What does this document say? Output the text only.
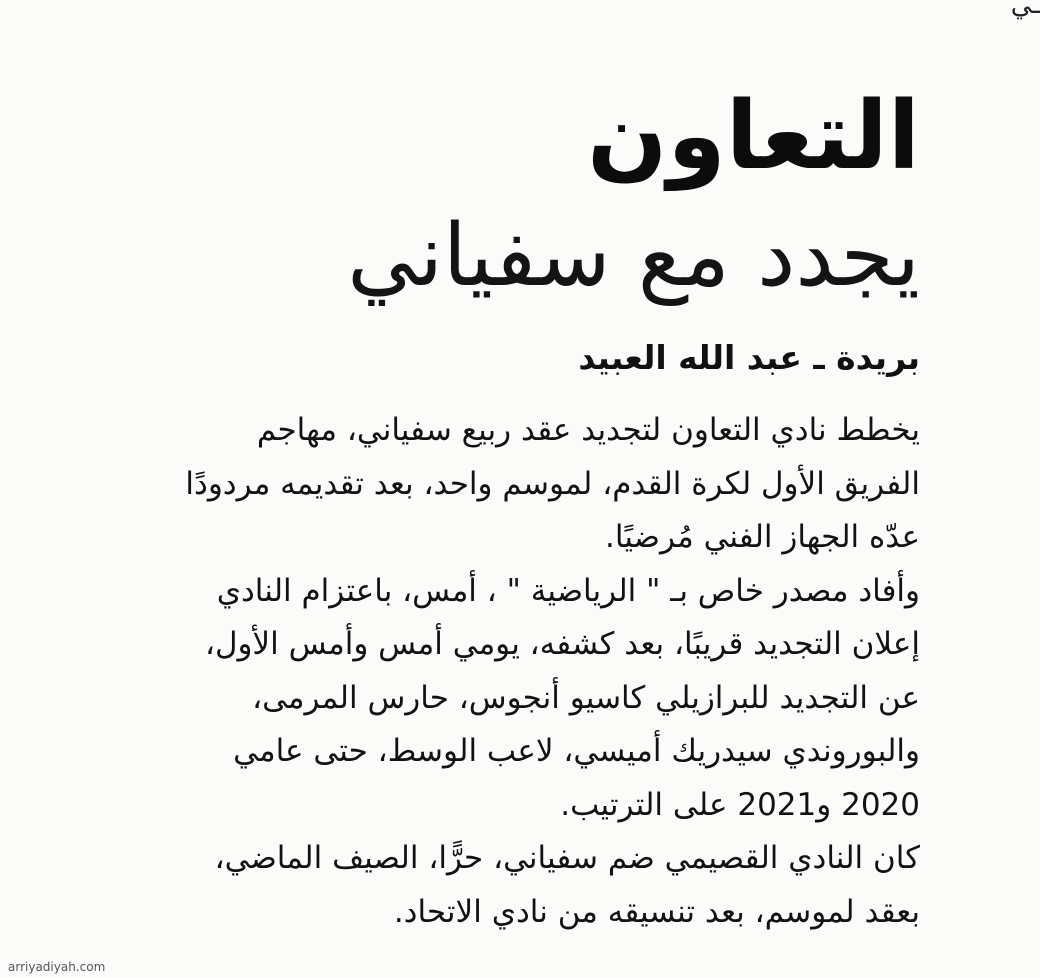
ـي
التعاون
يجدد مع سفياني
بريدة ـ عبد الله العبيد
يخطط نادي التعاون لتجديد عقد ربيع سفياني، مهاجم
الفريق الأول لكرة القدم، لموسم واحد، بعد تقديمه مردودًا
عدّه الجهاز الفني مُرضيًا.
وأفاد مصدر خاص بـ " الرياضية " ، أمس، باعتزام النادي
إعلان التجديد قريبًا، بعد كشفه، يومي أمس وأمس الأول،
عن التجديد للبرازيلي كاسيو أنجوس، حارس المرمى،
والبوروندي سيدريك أميسي، لاعب الوسط، حتى عامي
2020 و2021 على الترتيب.
كان النادي القصيمي ضم سفياني، حرًّا، الصيف الماضي،
بعقد لموسم، بعد تنسيقه من نادي الاتحاد.
arriyadiyah.com
